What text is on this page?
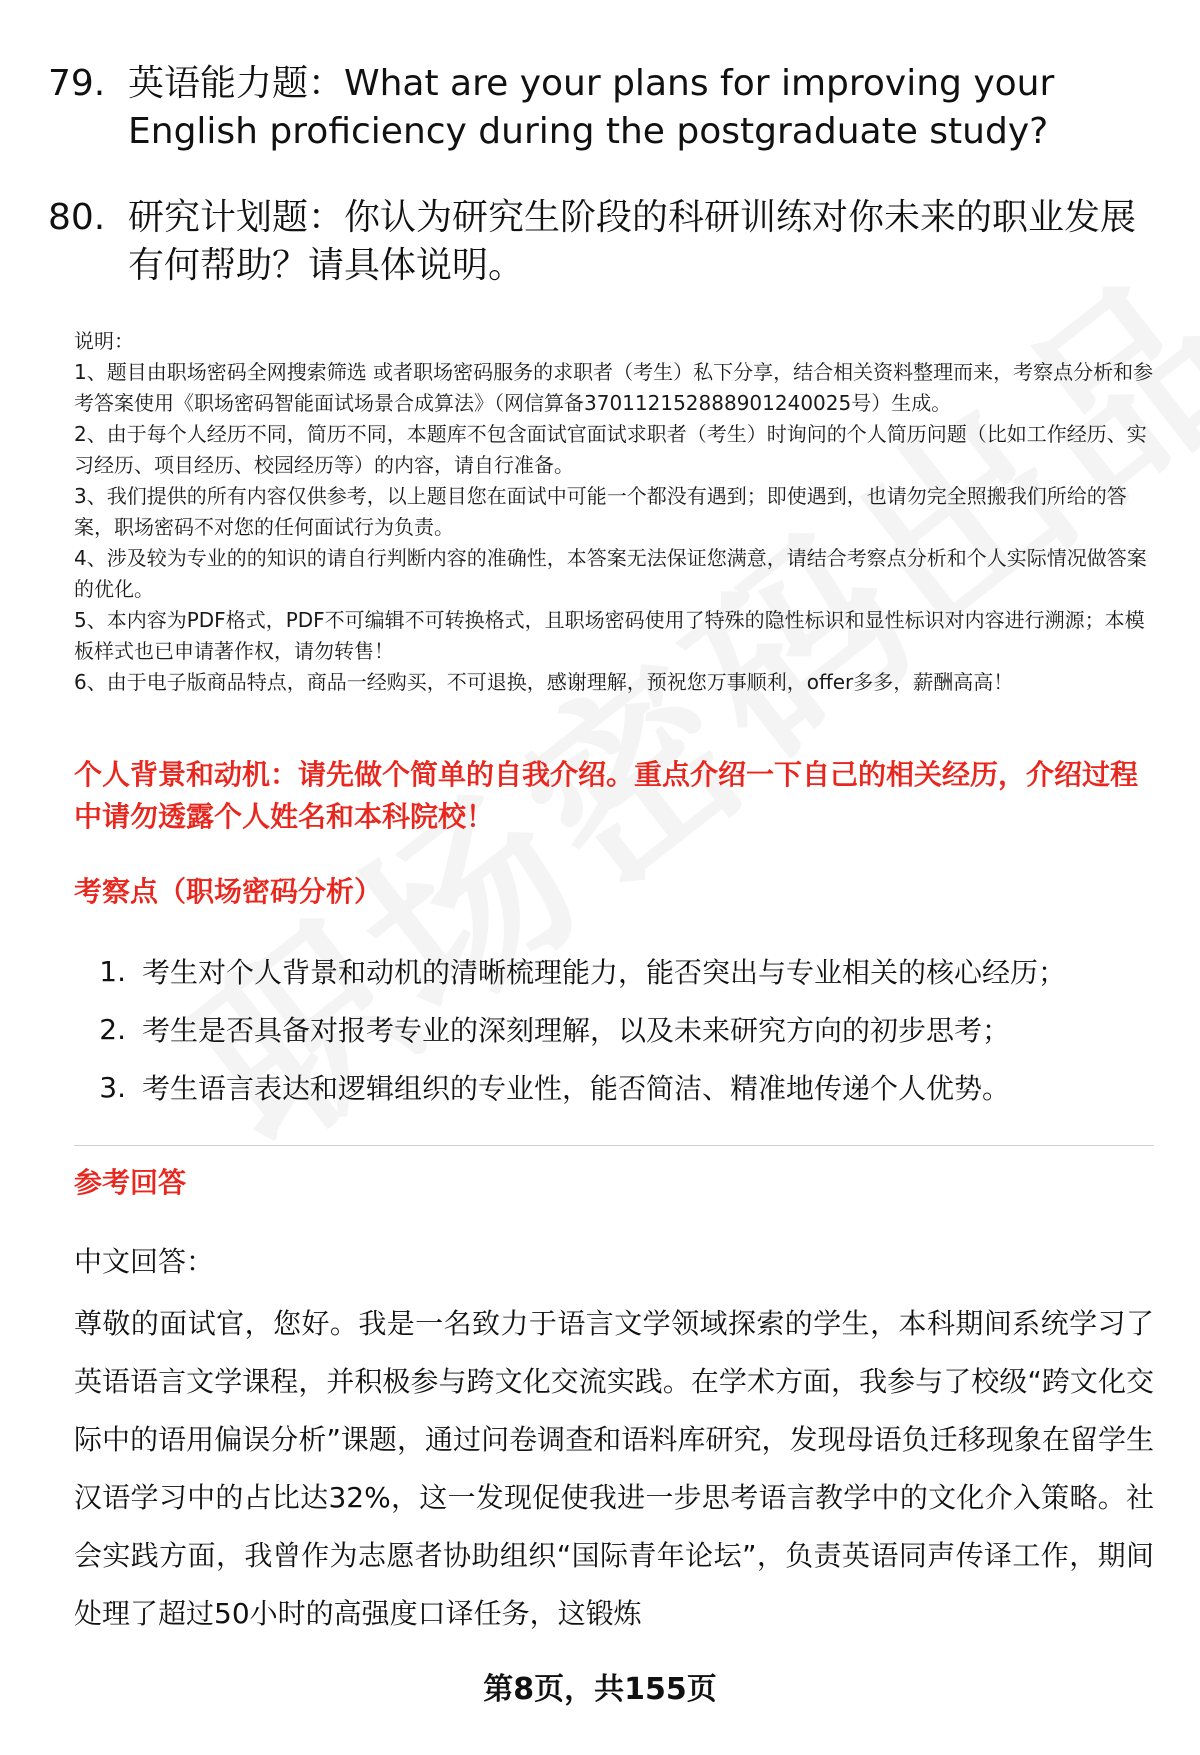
79. 英语能力题：What are your plans for improving your English proficiency during the postgraduate study?
80. 研究计划题：你认为研究生阶段的科研训练对你未来的职业发展有何帮助？请具体说明。

说明：

1、题目由职场密码全网搜索筛选 或者职场密码服务的求职者（考生）私下分享，结合相关资料整理而来，考察点分析和参考答案使用《职场密码智能面试场景合成算法》（网信算备370112152888901240025号）生成。

2、由于每个人经历不同，简历不同，本题库不包含面试官面试求职者（考生）时询问的个人简历问题（比如工作经历、实习经历、项目经历、校园经历等）的内容，请自行准备。

3、我们提供的所有内容仅供参考，以上题目您在面试中可能一个都没有遇到；即使遇到，也请勿完全照搬我们所给的答案，职场密码不对您的任何面试行为负责。

4、涉及较为专业的的知识的请自行判断内容的准确性，本答案无法保证您满意，请结合考察点分析和个人实际情况做答案的优化。

5、本内容为PDF格式，PDF不可编辑不可转换格式，且职场密码使用了特殊的隐性标识和显性标识对内容进行溯源；本模板样式也已申请著作权，请勿转售！

6、由于电子版商品特点，商品一经购买，不可退换，感谢理解，预祝您万事顺利，offer多多，薪酬高高！

个人背景和动机：请先做个简单的自我介绍。重点介绍一下自己的相关经历，介绍过程中请勿透露个人姓名和本科院校！
考察点（职场密码分析）
1. 考生对个人背景和动机的清晰梳理能力，能否突出与专业相关的核心经历；
2. 考生是否具备对报考专业的深刻理解，以及未来研究方向的初步思考；
3. 考生语言表达和逻辑组织的专业性，能否简洁、精准地传递个人优势。
参考回答
中文回答：

尊敬的面试官，您好。我是一名致力于语言文学领域探索的学生，本科期间系统学习了英语语言文学课程，并积极参与跨文化交流实践。在学术方面，我参与了校级“跨文化交际中的语用偏误分析”课题，通过问卷调查和语料库研究，发现母语负迁移现象在留学生汉语学习中的占比达32%，这一发现促使我进一步思考语言教学中的文化介入策略。社会实践方面，我曾作为志愿者协助组织“国际青年论坛”，负责英语同声传译工作，期间处理了超过50小时的高强度口译任务，这锻炼

第8页，共155页
